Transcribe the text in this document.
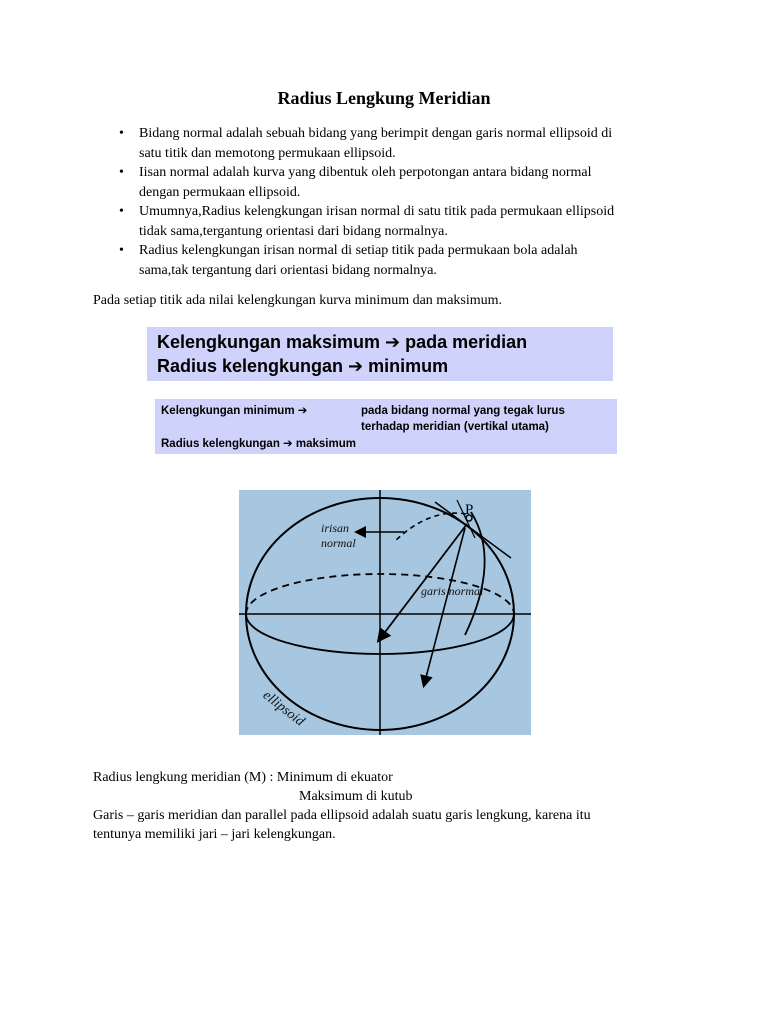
Radius Lengkung Meridian
• Bidang normal adalah sebuah bidang yang berimpit dengan garis normal ellipsoid di
satu titik dan memotong permukaan ellipsoid.
• Iisan normal adalah kurva yang dibentuk oleh perpotongan antara bidang normal
dengan permukaan ellipsoid.
• Umumnya,Radius kelengkungan irisan normal di satu titik pada permukaan ellipsoid
tidak sama,tergantung orientasi dari bidang normalnya.
• Radius kelengkungan irisan normal di setiap titik pada permukaan bola adalah
sama,tak tergantung dari orientasi bidang normalnya.
Pada setiap titik ada nilai kelengkungan kurva minimum dan maksimum.
Kelengkungan maksimum ➔ pada meridian
Radius kelengkungan ➔ minimum
Kelengkungan minimum ➔	pada bidang normal yang tegak lurus
terhadap meridian (vertikal utama)
Radius kelengkungan ➔ maksimum
P
irisan
normal
garis normal
ellipsoid
Radius lengkung meridian (M) : Minimum di ekuator
Maksimum di kutub
Garis – garis meridian dan parallel pada ellipsoid adalah suatu garis lengkung, karena itu
tentunya memiliki jari – jari kelengkungan.
